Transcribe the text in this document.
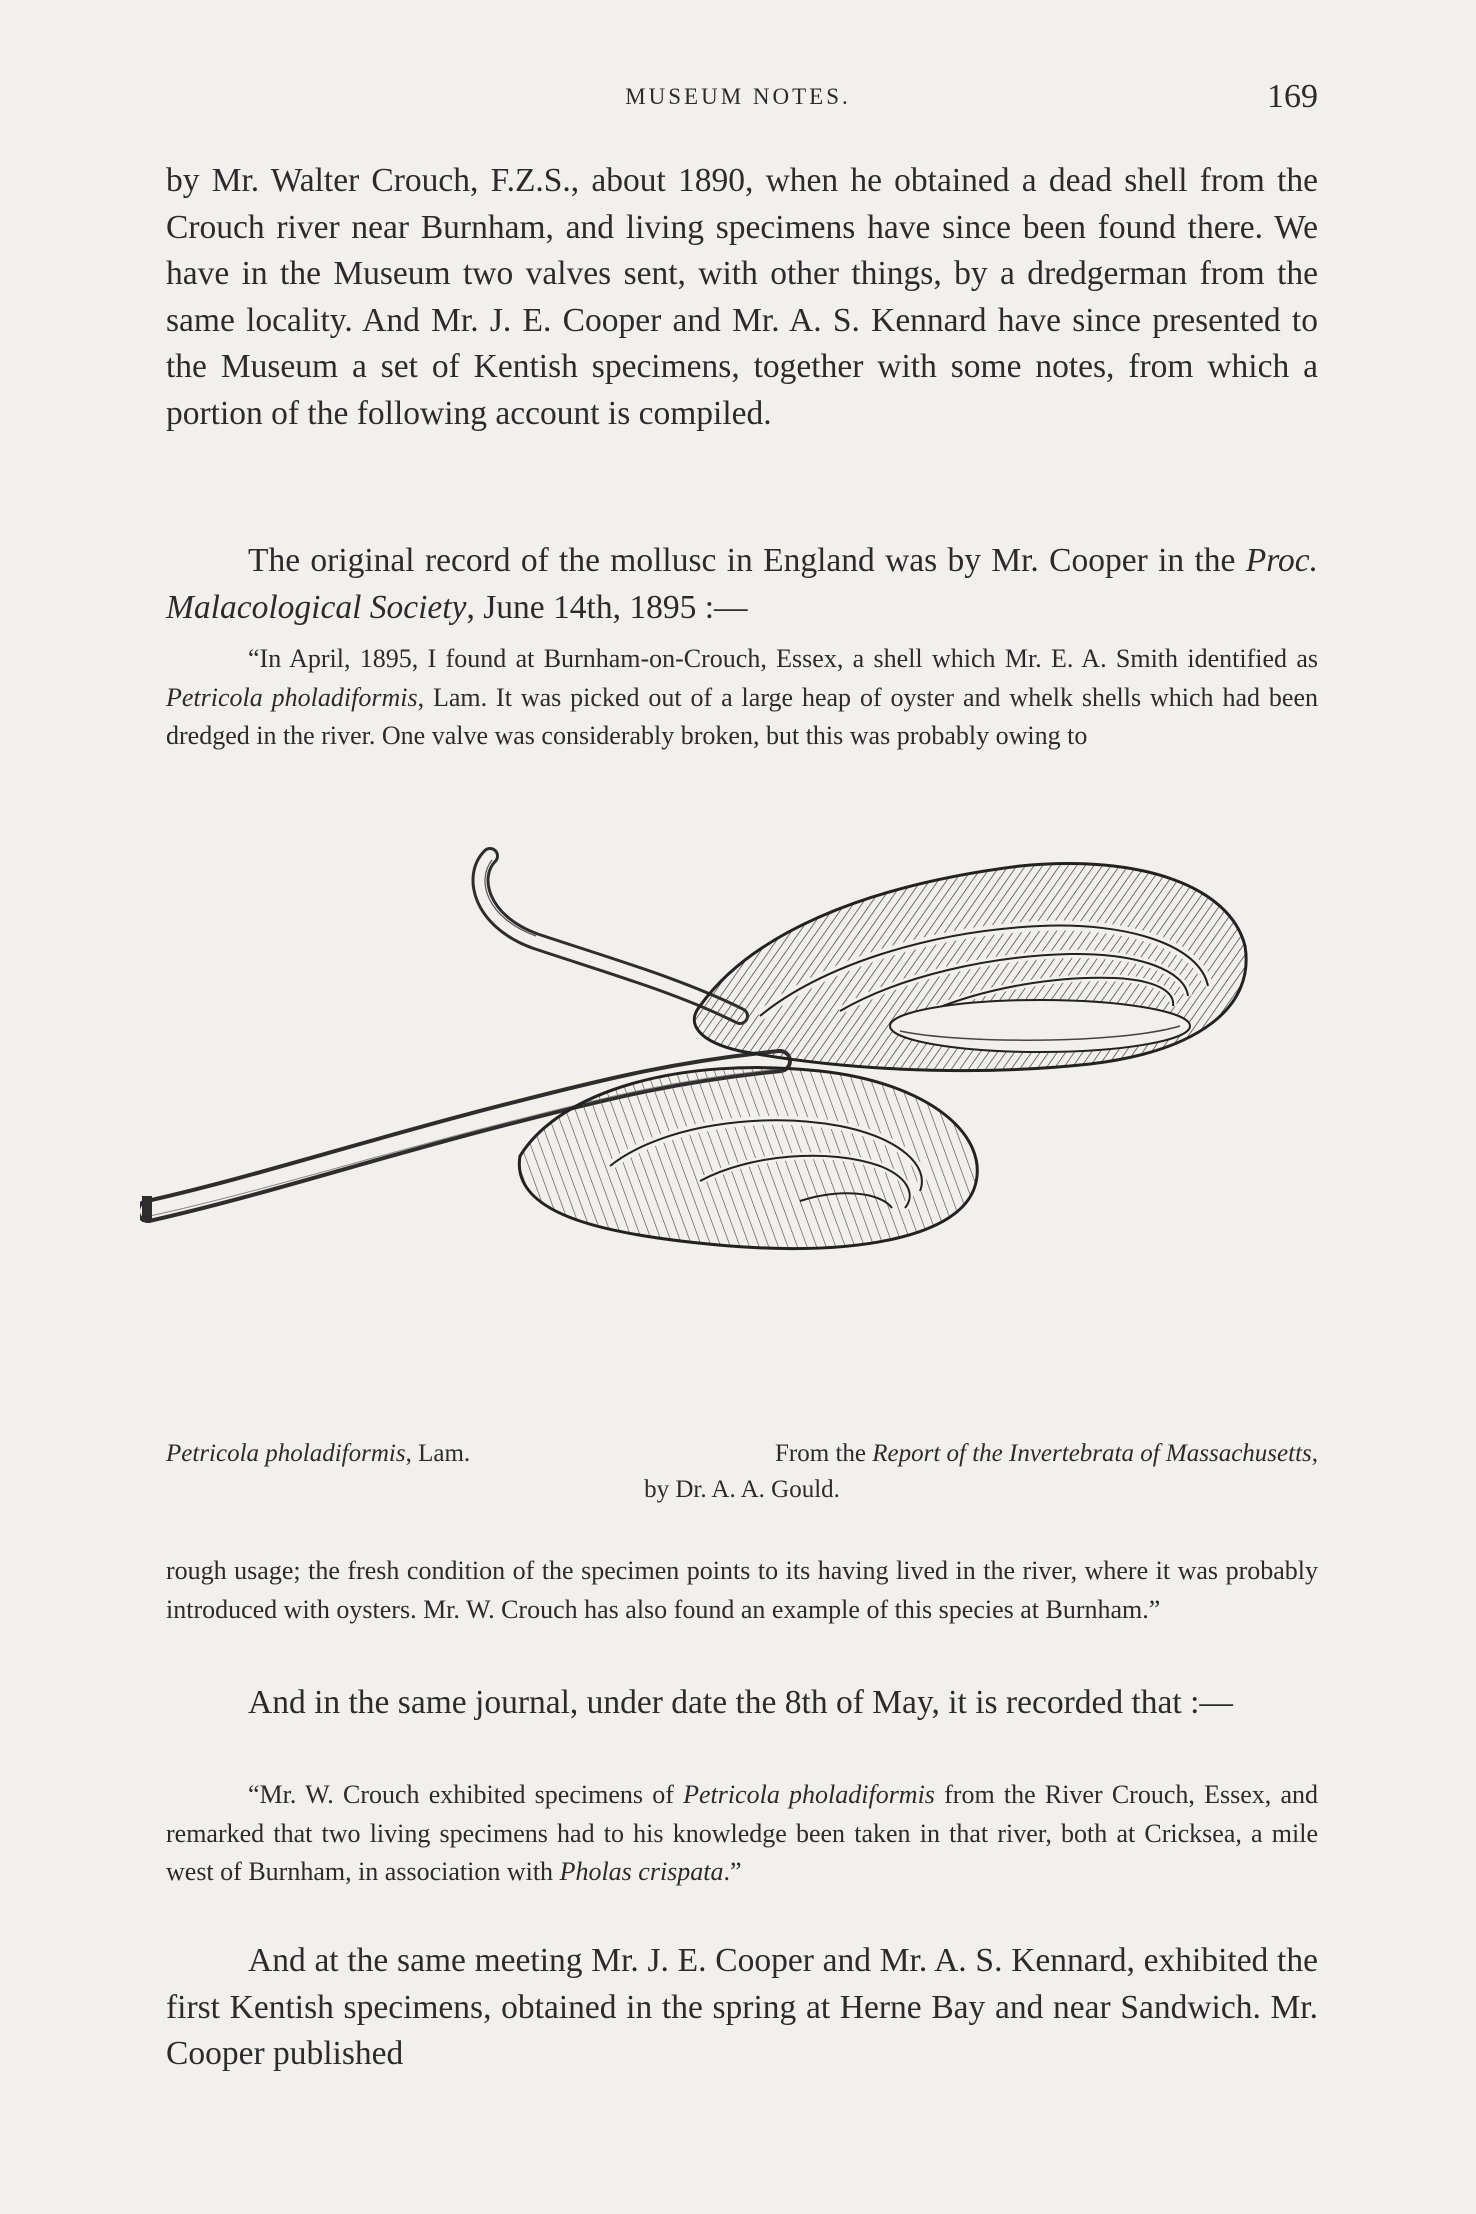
MUSEUM NOTES.	169

by Mr. Walter Crouch, F.Z.S., about 1890, when he obtained a dead shell from the Crouch river near Burnham, and living specimens have since been found there. We have in the Museum two valves sent, with other things, by a dredgerman from the same locality. And Mr. J. E. Cooper and Mr. A. S. Kennard have since presented to the Museum a set of Kentish specimens, together with some notes, from which a portion of the following account is compiled.

The original record of the mollusc in England was by Mr. Cooper in the Proc. Malacological Society, June 14th, 1895 :—

“In April, 1895, I found at Burnham-on-Crouch, Essex, a shell which Mr. E. A. Smith identified as Petricola pholadiformis, Lam. It was picked out of a large heap of oyster and whelk shells which had been dredged in the river. One valve was considerably broken, but this was probably owing to

Petricola pholadiformis, Lam.	From the Report of the Invertebrata of Massachusetts,
by Dr. A. A. Gould.

rough usage; the fresh condition of the specimen points to its having lived in the river, where it was probably introduced with oysters. Mr. W. Crouch has also found an example of this species at Burnham.”

And in the same journal, under date the 8th of May, it is recorded that :—

“Mr. W. Crouch exhibited specimens of Petricola pholadiformis from the River Crouch, Essex, and remarked that two living specimens had to his knowledge been taken in that river, both at Cricksea, a mile west of Burnham, in association with Pholas crispata.”

And at the same meeting Mr. J. E. Cooper and Mr. A. S. Kennard, exhibited the first Kentish specimens, obtained in the spring at Herne Bay and near Sandwich. Mr. Cooper published
